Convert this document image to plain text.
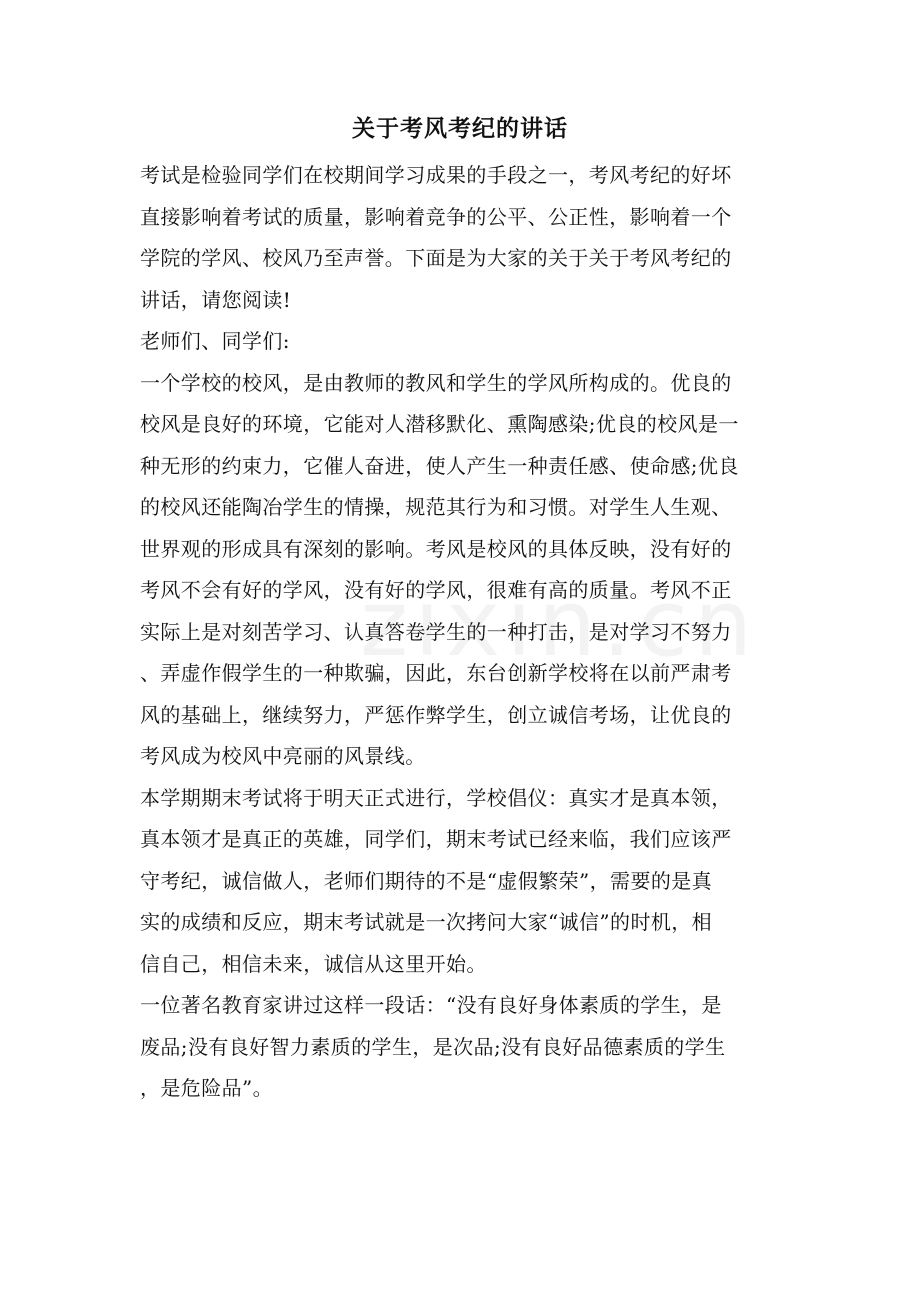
关于考风考纪的讲话
考试是检验同学们在校期间学习成果的手段之一，考风考纪的好坏
直接影响着考试的质量，影响着竞争的公平、公正性，影响着一个
学院的学风、校风乃至声誉。下面是为大家的关于关于考风考纪的
讲话，请您阅读!
老师们、同学们:
一个学校的校风，是由教师的教风和学生的学风所构成的。优良的
校风是良好的环境，它能对人潜移默化、熏陶感染;优良的校风是一
种无形的约束力，它催人奋进，使人产生一种责任感、使命感;优良
的校风还能陶冶学生的情操，规范其行为和习惯。对学生人生观、
世界观的形成具有深刻的影响。考风是校风的具体反映，没有好的
考风不会有好的学风，没有好的学风，很难有高的质量。考风不正
实际上是对刻苦学习、认真答卷学生的一种打击，是对学习不努力
、弄虚作假学生的一种欺骗，因此，东台创新学校将在以前严肃考
风的基础上，继续努力，严惩作弊学生，创立诚信考场，让优良的
考风成为校风中亮丽的风景线。
本学期期末考试将于明天正式进行，学校倡仪：真实才是真本领，
真本领才是真正的英雄，同学们，期末考试已经来临，我们应该严
守考纪，诚信做人，老师们期待的不是“虚假繁荣”，需要的是真
实的成绩和反应，期末考试就是一次拷问大家“诚信”的时机，相
信自己，相信未来，诚信从这里开始。
一位著名教育家讲过这样一段话：“没有良好身体素质的学生，是
废品;没有良好智力素质的学生，是次品;没有良好品德素质的学生
，是危险品”。
